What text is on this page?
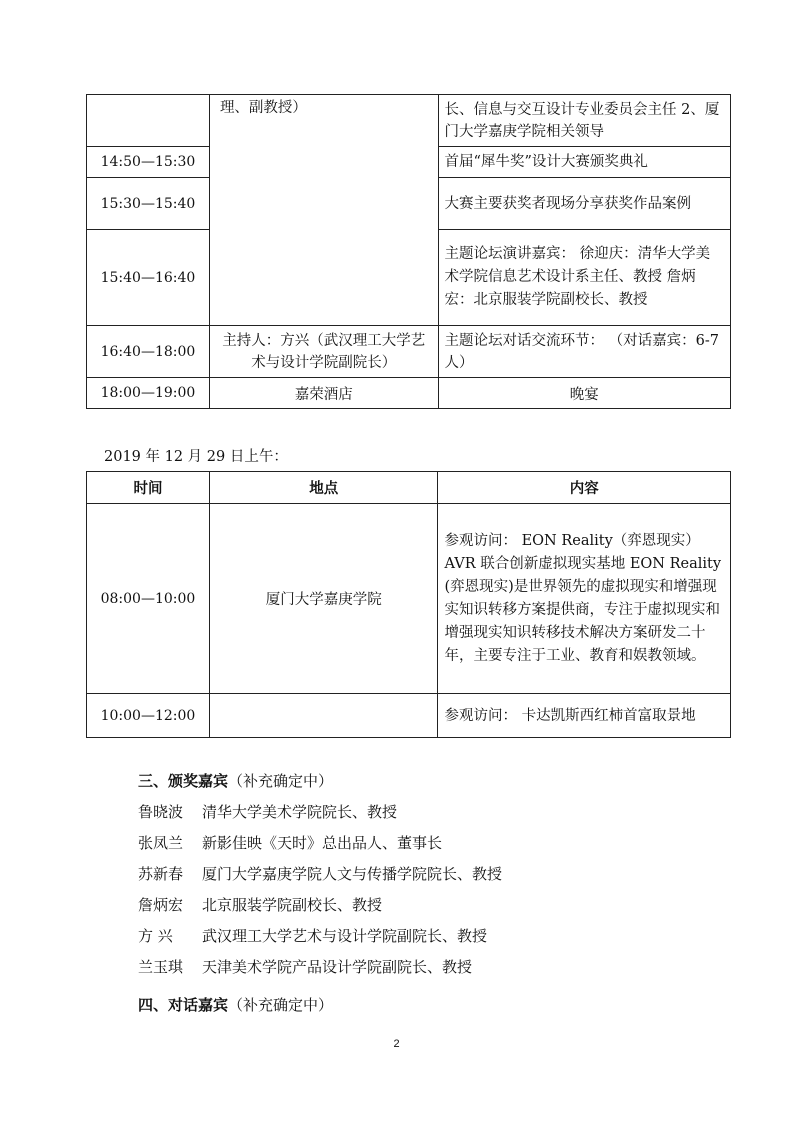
	理、副教授）	长、信息与交互设计专业委员会主任 2、厦门大学嘉庚学院相关领导

14:50—15:30		首届“犀牛奖”设计大赛颁奖典礼

15:30—15:40		大赛主要获奖者现场分享获奖作品案例

15:40—16:40		主题论坛演讲嘉宾： 徐迎庆：清华大学美术学院信息艺术设计系主任、教授 詹炳宏：北京服装学院副校长、教授

16:40—18:00	主持人：方兴（武汉理工大学艺术与设计学院副院长）	主题论坛对话交流环节： （对话嘉宾：6-7 人）

18:00—19:00	嘉荣酒店	晚宴
2019 年 12 月 29 日上午：
时间	地点	内容
08:00—10:00	厦门大学嘉庚学院	参观访问： EON Reality（弈恩现实）AVR 联合创新虚拟现实基地 EON Reality (弈恩现实)是世界领先的虚拟现实和增强现实知识转移方案提供商，专注于虚拟现实和增强现实知识转移技术解决方案研发二十年，主要专注于工业、教育和娱教领域。

10:00—12:00		参观访问： 卡达凯斯西红柿首富取景地
三、颁奖嘉宾（补充确定中）
鲁晓波 清华大学美术学院院长、教授
张凤兰 新影佳映《天时》总出品人、董事长
苏新春 厦门大学嘉庚学院人文与传播学院院长、教授
詹炳宏 北京服装学院副校长、教授
方 兴 武汉理工大学艺术与设计学院副院长、教授
兰玉琪 天津美术学院产品设计学院副院长、教授
四、对话嘉宾（补充确定中）
2
